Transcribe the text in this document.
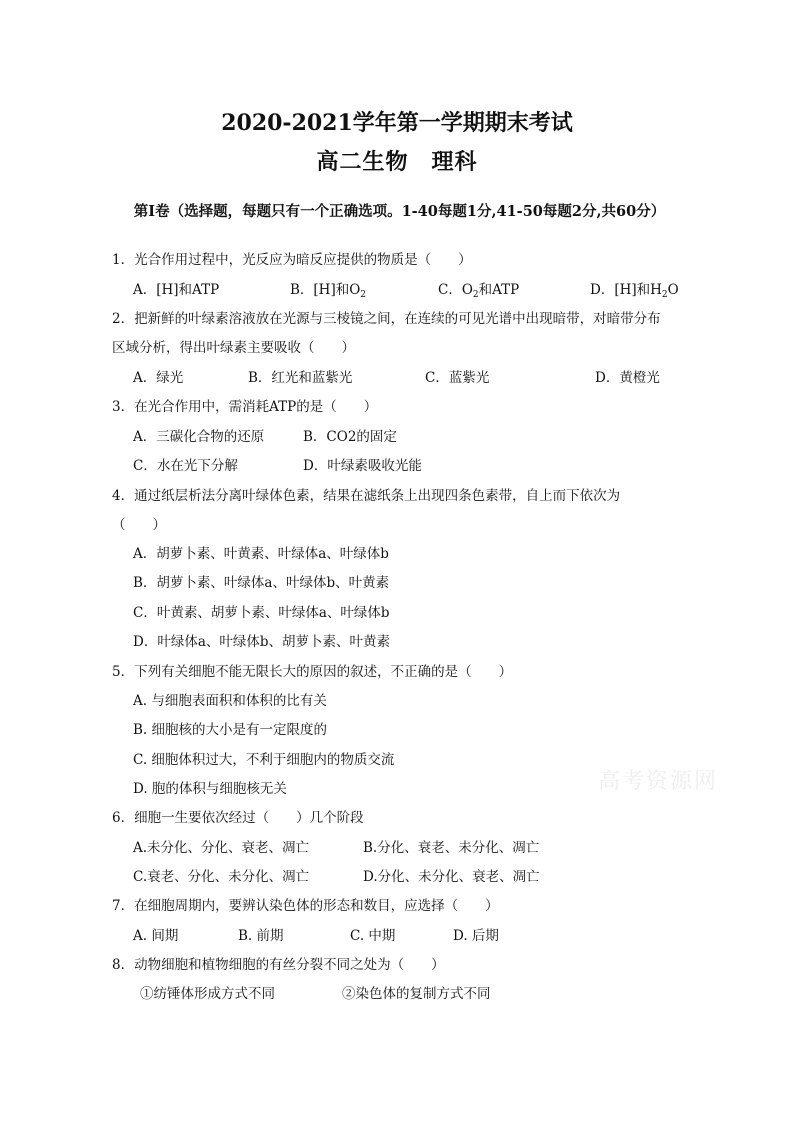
2020-2021学年第一学期期末考试
高二生物　理科
第Ⅰ卷（选择题，每题只有一个正确选项。1-40每题1分,41-50每题2分,共60分）
1．光合作用过程中，光反应为暗反应提供的物质是（　　）
A．[H]和ATP	B．[H]和$O_2$	C．$O_2$和ATP	D．[H]和$H_2O$
2．把新鲜的叶绿素溶液放在光源与三棱镜之间，在连续的可见光谱中出现暗带，对暗带分布
区域分析，得出叶绿素主要吸收（　　）
A．绿光	B．红光和蓝紫光	C．蓝紫光	D．黄橙光
3．在光合作用中，需消耗ATP的是（　　）
A．三碳化合物的还原	B．CO2的固定
C．水在光下分解	D．叶绿素吸收光能
4．通过纸层析法分离叶绿体色素，结果在滤纸条上出现四条色素带，自上而下依次为
（　　）
A．胡萝卜素、叶黄素、叶绿体a、叶绿体b
B．胡萝卜素、叶绿体a、叶绿体b、叶黄素
C．叶黄素、胡萝卜素、叶绿体a、叶绿体b
D．叶绿体a、叶绿体b、胡萝卜素、叶黄素
5．下列有关细胞不能无限长大的原因的叙述，不正确的是（　　）
A. 与细胞表面积和体积的比有关
B. 细胞核的大小是有一定限度的
C. 细胞体积过大，不利于细胞内的物质交流
D. 胞的体积与细胞核无关	高考资源网
6．细胞一生要依次经过（　　）几个阶段
A.未分化、分化、衰老、凋亡	B.分化、衰老、未分化、凋亡
C.衰老、分化、未分化、凋亡	D.分化、未分化、衰老、凋亡
7．在细胞周期内，要辨认染色体的形态和数目，应选择（　　）
A. 间期	B. 前期	C. 中期	D. 后期
8．动物细胞和植物细胞的有丝分裂不同之处为（　　）
①纺锤体形成方式不同	②染色体的复制方式不同
